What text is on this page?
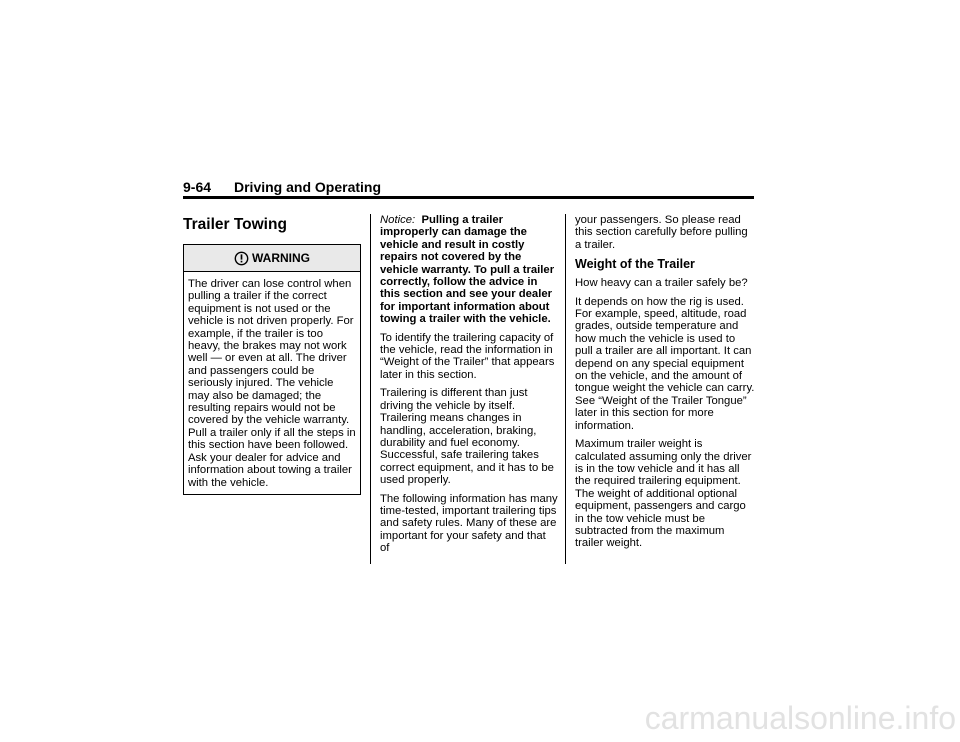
9-64 Driving and Operating
Trailer Towing
WARNING
The driver can lose control when pulling a trailer if the correct equipment is not used or the vehicle is not driven properly. For example, if the trailer is too heavy, the brakes may not work well — or even at all. The driver and passengers could be seriously injured. The vehicle may also be damaged; the resulting repairs would not be covered by the vehicle warranty. Pull a trailer only if all the steps in this section have been followed. Ask your dealer for advice and information about towing a trailer with the vehicle.

Notice: Pulling a trailer improperly can damage the vehicle and result in costly repairs not covered by the vehicle warranty. To pull a trailer correctly, follow the advice in this section and see your dealer for important information about towing a trailer with the vehicle.

To identify the trailering capacity of the vehicle, read the information in “Weight of the Trailer” that appears later in this section.

Trailering is different than just driving the vehicle by itself. Trailering means changes in handling, acceleration, braking, durability and fuel economy. Successful, safe trailering takes correct equipment, and it has to be used properly.

The following information has many time-tested, important trailering tips and safety rules. Many of these are important for your safety and that of

your passengers. So please read this section carefully before pulling a trailer.

Weight of the Trailer

How heavy can a trailer safely be?

It depends on how the rig is used. For example, speed, altitude, road grades, outside temperature and how much the vehicle is used to pull a trailer are all important. It can depend on any special equipment on the vehicle, and the amount of tongue weight the vehicle can carry. See “Weight of the Trailer Tongue” later in this section for more information.

Maximum trailer weight is calculated assuming only the driver is in the tow vehicle and it has all the required trailering equipment. The weight of additional optional equipment, passengers and cargo in the tow vehicle must be subtracted from the maximum trailer weight.

carmanualsonline.info
